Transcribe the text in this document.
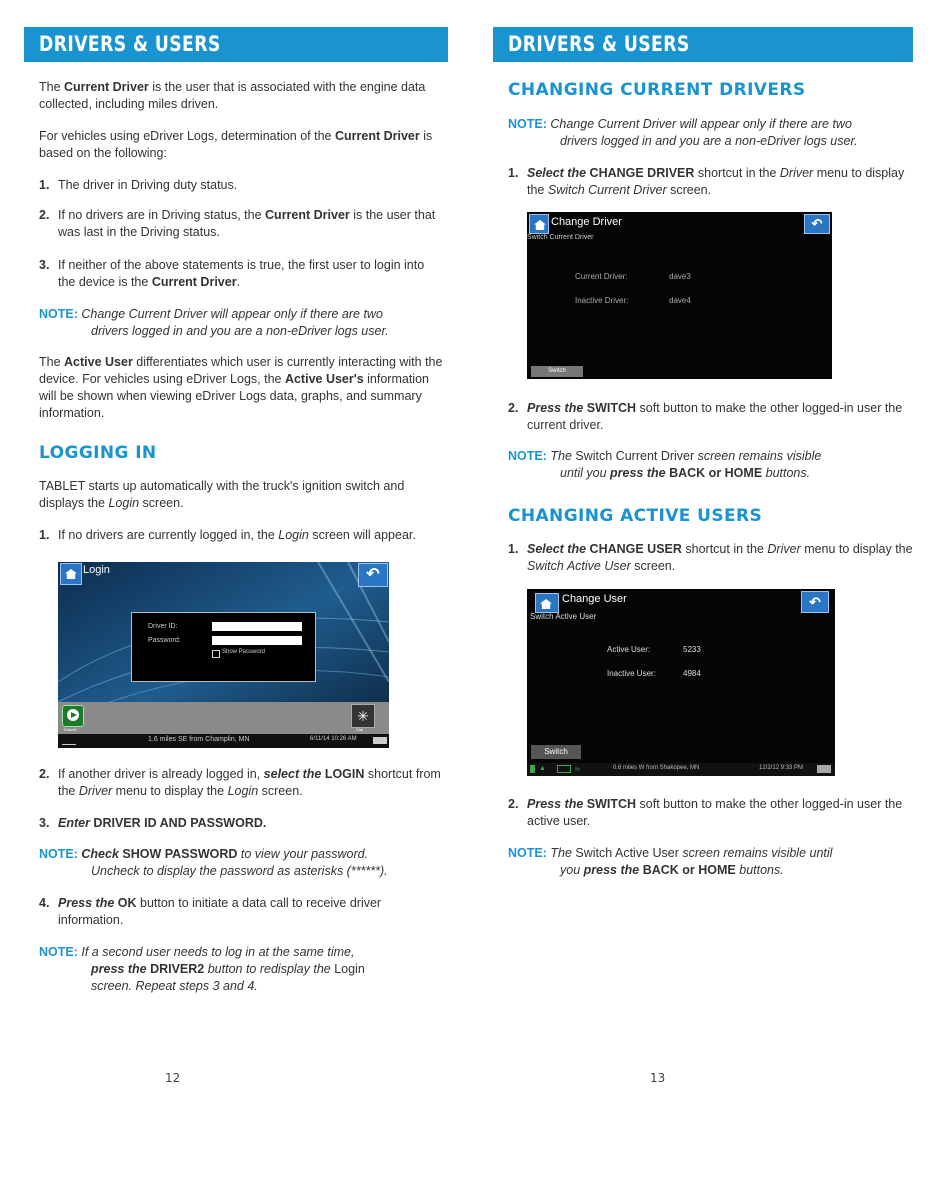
DRIVERS & USERS
The Current Driver is the user that is associated with the engine data collected, including miles driven.
For vehicles using eDriver Logs, determination of the Current Driver is based on the following:
1. The driver in Driving duty status.
2. If no drivers are in Driving status, the Current Driver is the user that was last in the Driving status.
3. If neither of the above statements is true, the first user to login into the device is the Current Driver.
NOTE: Change Current Driver will appear only if there are two
drivers logged in and you are a non-eDriver logs user.
The Active User differentiates which user is currently interacting with the device. For vehicles using eDriver Logs, the Active User's information will be shown when viewing eDriver Logs data, graphs, and summary information.
LOGGING IN
TABLET starts up automatically with the truck's ignition switch and displays the Login screen.
1. If no drivers are currently logged in, the Login screen will appear.
Login	↶
Driver ID:
Password:
Show Password
Submit
✳
Dial
1.6 miles SE from Champlin, MN	6/11/14 10:26 AM
2. If another driver is already logged in, select the LOGIN shortcut from the Driver menu to display the Login screen.
3. Enter DRIVER ID AND PASSWORD.
NOTE: Check SHOW PASSWORD to view your password.
Uncheck to display the password as asterisks (******).
4. Press the OK button to initiate a data call to receive driver information.
NOTE: If a second user needs to log in at the same time,
press the DRIVER2 button to redisplay the Login
screen. Repeat steps 3 and 4.
12
DRIVERS & USERS
CHANGING CURRENT DRIVERS
NOTE: Change Current Driver will appear only if there are two
drivers logged in and you are a non-eDriver logs user.
1. Select the CHANGE DRIVER shortcut in the Driver menu to display the Switch Current Driver screen.
Change Driver
Switch Current Driver
↶
Current Driver:	dave3
Inactive Driver:	dave4
Switch
2. Press the SWITCH soft button to make the other logged-in user the current driver.
NOTE: The Switch Current Driver screen remains visible
until you press the BACK or HOME buttons.
CHANGING ACTIVE USERS
1. Select the CHANGE USER shortcut in the Driver menu to display the Switch Active User screen.
Change User
Switch Active User
↶
Active User:	5233
Inactive User:	4984
Switch
▲	≈	0.6 miles W from Shakopee, MN	12/2/12 9:33 PM
2. Press the SWITCH soft button to make the other logged-in user the active user.
NOTE: The Switch Active User screen remains visible until
you press the BACK or HOME buttons.
13
